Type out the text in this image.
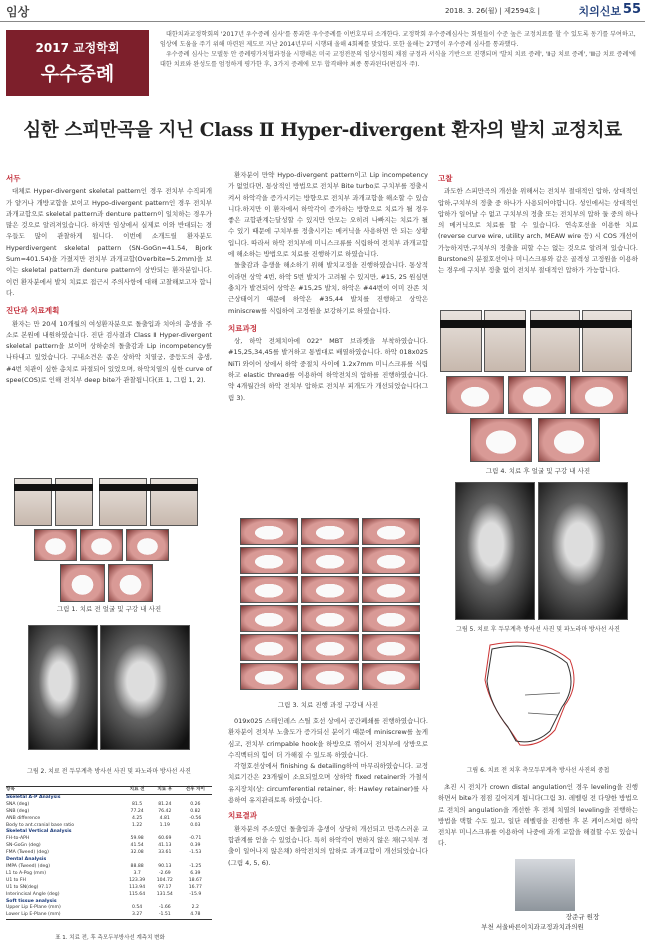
임상	2018. 3. 26(월) | 제2594호 |	치의신보 55
2017 교정학회
우수증례

대한치과교정학회의 '2017년 우수증례 심사'를 통과한 우수증례를 이번호부터 소개한다. 교정학회 우수증례심사는 회원들이 수준 높은 교정치료를 할 수 있도록 동기를 부여하고, 임상에 도움을 주기 위해 마련된 제도로 지난 2014년부터 시행돼 올해 4회째를 맞았다. 또한 올해는 27명이 우수증례 심사를 통과했다.

우수증례 심사는 모델동 안 증례평가치협과정을 시행해온 미국 교정전문의 임상시험의 채점 규정과 서식을 기반으로 진행되며 '발치 치료 증례', 'Ⅱ급 치료 증례', 'Ⅲ급 치료 증례'에 대한 치료와 완성도를 엄정하게 평가한 후, 3가지 증례에 모두 합격해야 최종 통과된다(편집자 주).

심한 스피만곡을 지닌 Class Ⅱ Hyper-divergent 환자의 발치 교정치료
서두

대체로 Hyper-divergent skeletal pattern인 경우 전치부 수직피개가 얕거나 개방교합을 보이고 Hypo-divergent pattern인 경우 전치부 과개교합으로 skeletal pattern과 denture pattern이 일치하는 경우가 많은 것으로 알려져있습니다. 하지만 임상에서 실제로 이와 반대되는 경우들도 많이 관찰하게 됩니다. 이번에 소개드릴 환자분도 Hyperdivergent skeletal pattern (SN-GoGn=41.54, Bjork Sum=401.54)을 가졌지만 전치부 과개교합(Overbite=5.2mm)을 보이는 skeletal pattern과 denture pattern이 상반되는 환자분입니다. 이런 환자분에서 발치 치료로 접근시 주의사항에 대해 고찰해보고자 합니다.

진단과 치료계획

환자는 만 20세 10개월의 여성환자분으로 돌출입과 치아의 총생을 주소로 본원에 내원하였습니다. 진단 검사결과 Class Ⅱ Hyper-divergent skeletal pattern을 보이며 상하순의 돌출감과 Lip incompetency를 나타내고 있었습니다. 구내소견은 좁은 상하악 치열궁, 중등도의 총생, #4번 치관이 심한 총치로 파절되어 있었으며, 하악치열의 심한 curve of spee(COS)로 인해 전치부 deep bite가 관찰됩니다(표 1, 그림 1, 2).

그림 1. 치료 전 얼굴 및 구강 내 사진
그림 2. 치료 전 두부계측 방사선 사진 및 파노라마 방사선 사진
항목	치료 전	치료 후	전후 차이
Skeletal A-P Analysis			
SNA (deg)	81.5	81.24	0.26
SNB (deg)	77.24	76.42	0.82
ANB difference	4.25	4.81	-0.56
Body to ant.cranial base ratio	1.22	1.19	0.03
Skeletal Vertical Analysis			
FH-to-APH	59.98	60.69	-0.71
SN-GoGn (deg)	41.54	41.13	0.39
FMA (Tweed) (deg)	32.08	33.61	-1.53
Dental Analysis			
IMPA (Tweed) (deg)	88.88	90.13	-1.25
L1 to A-Pog (mm)	3.7	-2.69	6.39
U1 to FH	123.39	104.72	18.67
U1 to SN(deg)	113.94	97.17	16.77
Interincisal Angle (deg)	115.64	131.54	-15.9
Soft tissue analysis			
Upper Lip E-Plane (mm)	0.54	-1.66	2.2
Lower Lip E-Plane (mm)	3.27	-1.51	4.78
표 1. 치료 전, 후 측모두부방사선 계측치 변화

환자분이 만약 Hypo-divergent pattern이고 Lip incompetency가 없었다면, 통상적인 방법으로 전치부 Bite turbo로 구치부를 정출시켜서 하악각을 증가시키는 방향으로 전치부 과개교합을 해소할 수 있습니다.하지만 이 환자에서 하악각이 증가하는 방향으로 치료가 될 경우 좋은 교합관계는달성할 수 있지만 안모는 오히려 나빠지는 치료가 될 수 있기 때문에 구치부를 정출시키는 메커닉을 사용하면 안 되는 상황입니다. 따라서 하악 전치부에 미니스크류를 식립하여 전치부 과개교합에 해소하는 방법으로 치료를 진행하기로 하였습니다.

돌출감과 총생을 해소하기 위해 발치교정을 진행하였습니다. 통상적이라면 상악 4번, 하악 5번 발치가 고려될 수 있지만, #15, 25 원심면 충치가 발견되어 상악은 #15,25 발치, 하악은 #44번이 이미 잔존 치근상태이기 때문에 하악은 #35,44 발치를 진행하고 상악은 miniscrew를 식립하여 고정원을 보강하기로 하였습니다.

치료과정

상, 하악 전체치아에 022" MBT 브라켓을 부착하였습니다. #15,25,34,45를 발거하고 통법대로 배열하였습니다. 하악 018x025 NiTi 와이어 상에서 하악 중절치 사이에 1.2x7mm 미니스크류를 식립하고 elastic thread를 이용하여 하악전치의 압하를 진행하였습니다. 약 4개월간의 하악 전치부 압하로 전치부 피개도가 개선되었습니다(그림 3).

그림 3. 치료 진행 과정 구강내 사진

019x025 스테인레스 스틸 호선 상에서 공간폐쇄를 진행하였습니다. 환자분이 전치부 노출도가 증가되신 분이기 때문에 miniscrew를 높게 심고, 전치부 crimpable hook을 하방으로 꺾어서 전치부에 상방으로 수직벡터의 힘이 더 가해질 수 있도록 하였습니다.

각형호선상에서 finishing & detailing하여 마무리하였습니다. 교정 치료기간은 23개월이 소요되었으며 상하악 fixed retainer와 가철식 유지장치(상: circumferential retainer, 하: Hawley retainer)를 사용하여 유지관리토록 하였습니다.

치료결과

환자분의 주소였던 돌출입과 총생이 상당히 개선되고 만족스러운 교합관계를 얻을 수 있었습니다. 특히 하악각이 변하지 않은 채(구치부 정출이 일어나지 않은채) 하악전치의 압하로 과개교합이 개선되었습니다(그림 4, 5, 6).

고찰

과도한 스피만곡의 개선을 위해서는 전치부 절대적인 압하, 상대적인 압하,구치부의 정출 중 하나가 사용되어야합니다. 성인에서는 상대적인 압하가 일어날 수 없고 구치부의 정출 또는 전치부의 압하 둘 중의 하나의 메커닉으로 치료를 할 수 있습니다. 연속호선을 이용한 치료(reverse curve wire, utility arch, MEAW wire 등) 시 COS 개선이 가능하지만,구치부의 정출을 피할 수는 없는 것으로 알려져 있습니다. Burstone의 분절호선이나 미니스크류와 같은 골격성 고정원을 이용하는 경우에 구치부 정출 없이 전치부 절대적인 압하가 가능합니다.

그림 4. 치료 후 얼굴 및 구강 내 사진
그림 5. 치료 후 두부계측 방사선 사진 및 파노라마 방사선 사진
그림 6. 치료 전 치후 측모두부계측 방사선 사진의 중첩

초진 시 전치가 crown distal angulation인 경우 leveling을 진행하면서 bite가 점점 깊어지게 됩니다(그림 3). 레벨링 전 다양한 방법으로 전치의 angulation을 개선한 후 전체 치열의 leveling을 진행하는 방법을 택할 수도 있고, 일단 레벨링을 진행한 후 본 케이스처럼 하악 전치부 미니스크류를 이용하여 나중에 과개 교합을 해결할 수도 있습니다.

장준규 원장
부천 서울바른이치과교정과치과의원
